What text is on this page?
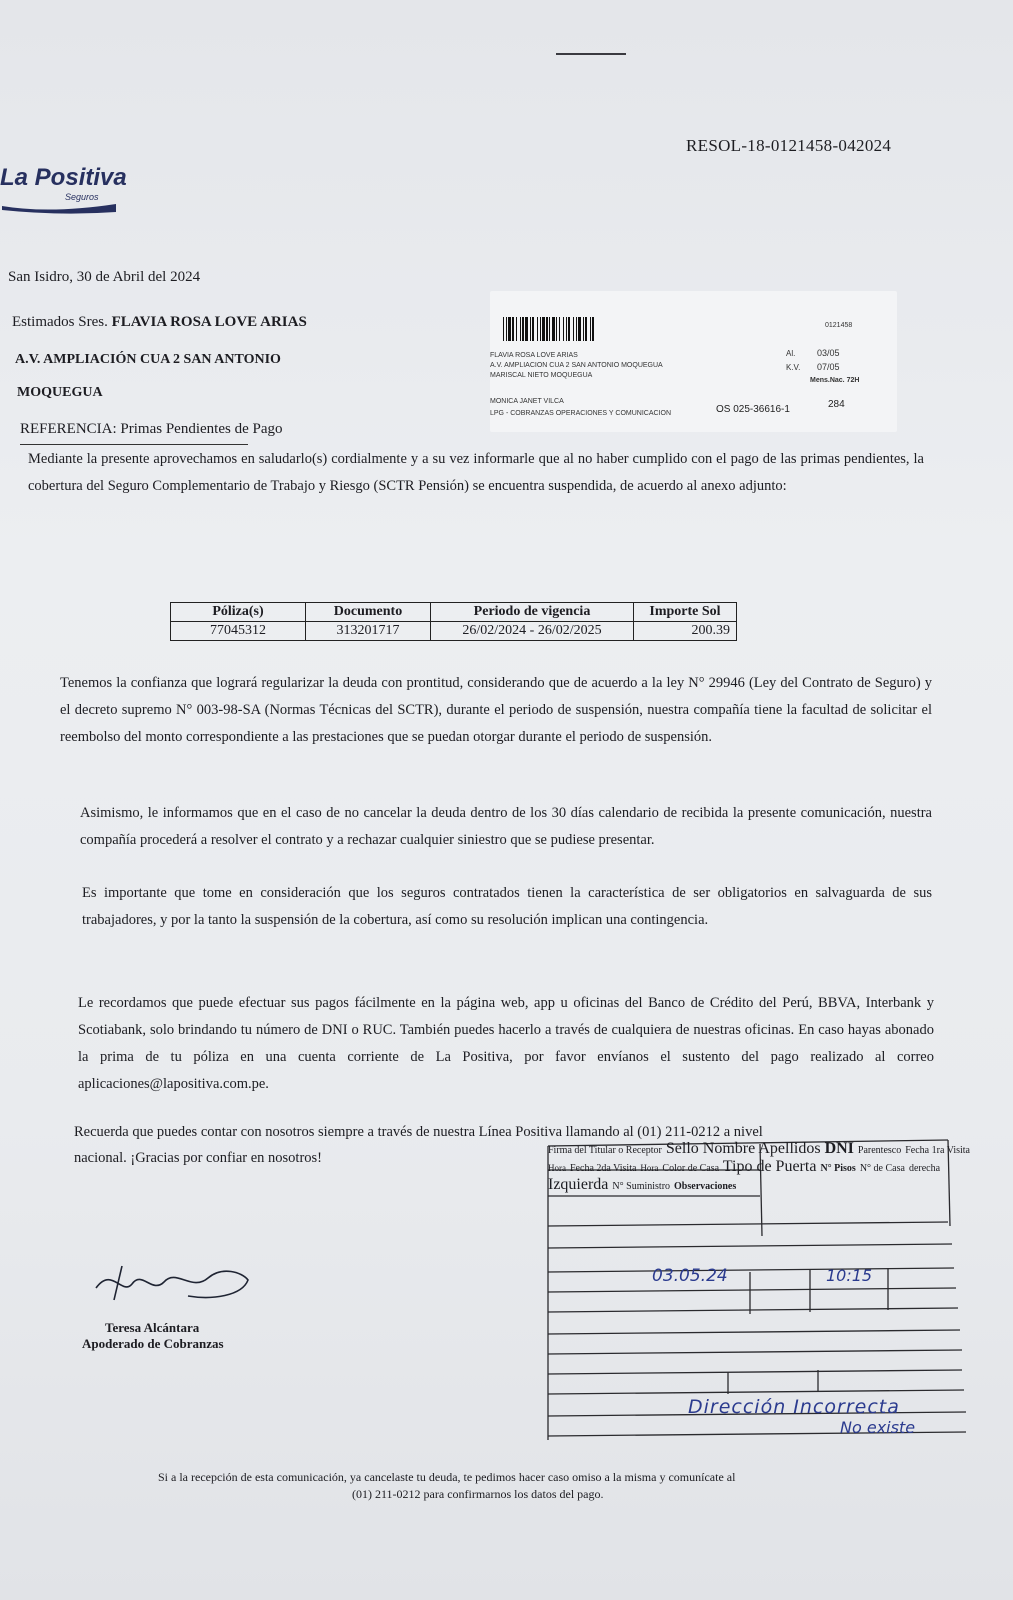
RESOL-18-0121458-042024
La Positiva
Seguros
San Isidro, 30 de Abril del 2024
Estimados Sres. FLAVIA ROSA LOVE ARIAS
A.V. AMPLIACIÓN CUA 2 SAN ANTONIO
MOQUEGUA
REFERENCIA: Primas Pendientes de Pago
0121458
FLAVIA ROSA LOVE ARIAS
A.V. AMPLIACION CUA 2 SAN ANTONIO MOQUEGUA
MARISCAL NIETO MOQUEGUA
MONICA JANET VILCA
LPG - COBRANZAS OPERACIONES Y COMUNICACION
Al. 03/05
K.V. 07/05
Mens.Nac. 72H
OS 025-36616-1	284
Mediante la presente aprovechamos en saludarlo(s) cordialmente y a su vez informarle que al no haber cumplido con el pago de las primas pendientes, la cobertura del Seguro Complementario de Trabajo y Riesgo (SCTR Pensión) se encuentra suspendida, de acuerdo al anexo adjunto:
Póliza(s)	Documento	Periodo de vigencia	Importe Sol
77045312	313201717	26/02/2024 - 26/02/2025	200.39
Tenemos la confianza que logrará regularizar la deuda con prontitud, considerando que de acuerdo a la ley N° 29946 (Ley del Contrato de Seguro) y el decreto supremo N° 003-98-SA (Normas Técnicas del SCTR), durante el periodo de suspensión, nuestra compañía tiene la facultad de solicitar el reembolso del monto correspondiente a las prestaciones que se puedan otorgar durante el periodo de suspensión.
Asimismo, le informamos que en el caso de no cancelar la deuda dentro de los 30 días calendario de recibida la presente comunicación, nuestra compañía procederá a resolver el contrato y a rechazar cualquier siniestro que se pudiese presentar.
Es importante que tome en consideración que los seguros contratados tienen la característica de ser obligatorios en salvaguarda de sus trabajadores, y por la tanto la suspensión de la cobertura, así como su resolución implican una contingencia.
Le recordamos que puede efectuar sus pagos fácilmente en la página web, app u oficinas del Banco de Crédito del Perú, BBVA, Interbank y Scotiabank, solo brindando tu número de DNI o RUC. También puedes hacerlo a través de cualquiera de nuestras oficinas. En caso hayas abonado la prima de tu póliza en una cuenta corriente de La Positiva, por favor envíanos el sustento del pago realizado al correo aplicaciones@lapositiva.com.pe.
Recuerda que puedes contar con nosotros siempre a través de nuestra Línea Positiva llamando al (01) 211-0212 a nivel
nacional. ¡Gracias por confiar en nosotros!
Teresa Alcántara
Apoderado de Cobranzas
Firma del Titular o Receptor Sello Nombre Apellidos DNI Parentesco Fecha 1ra Visita
03.05.24
Hora
10:15
Fecha 2da Visita Hora Color de Casa Tipo de Puerta N° Pisos N° de Casa derecha Izquierda N° Suministro Observaciones
Dirección Incorrecta
No existe
Si a la recepción de esta comunicación, ya cancelaste tu deuda, te pedimos hacer caso omiso a la misma y comunícate al
(01) 211-0212 para confirmarnos los datos del pago.
